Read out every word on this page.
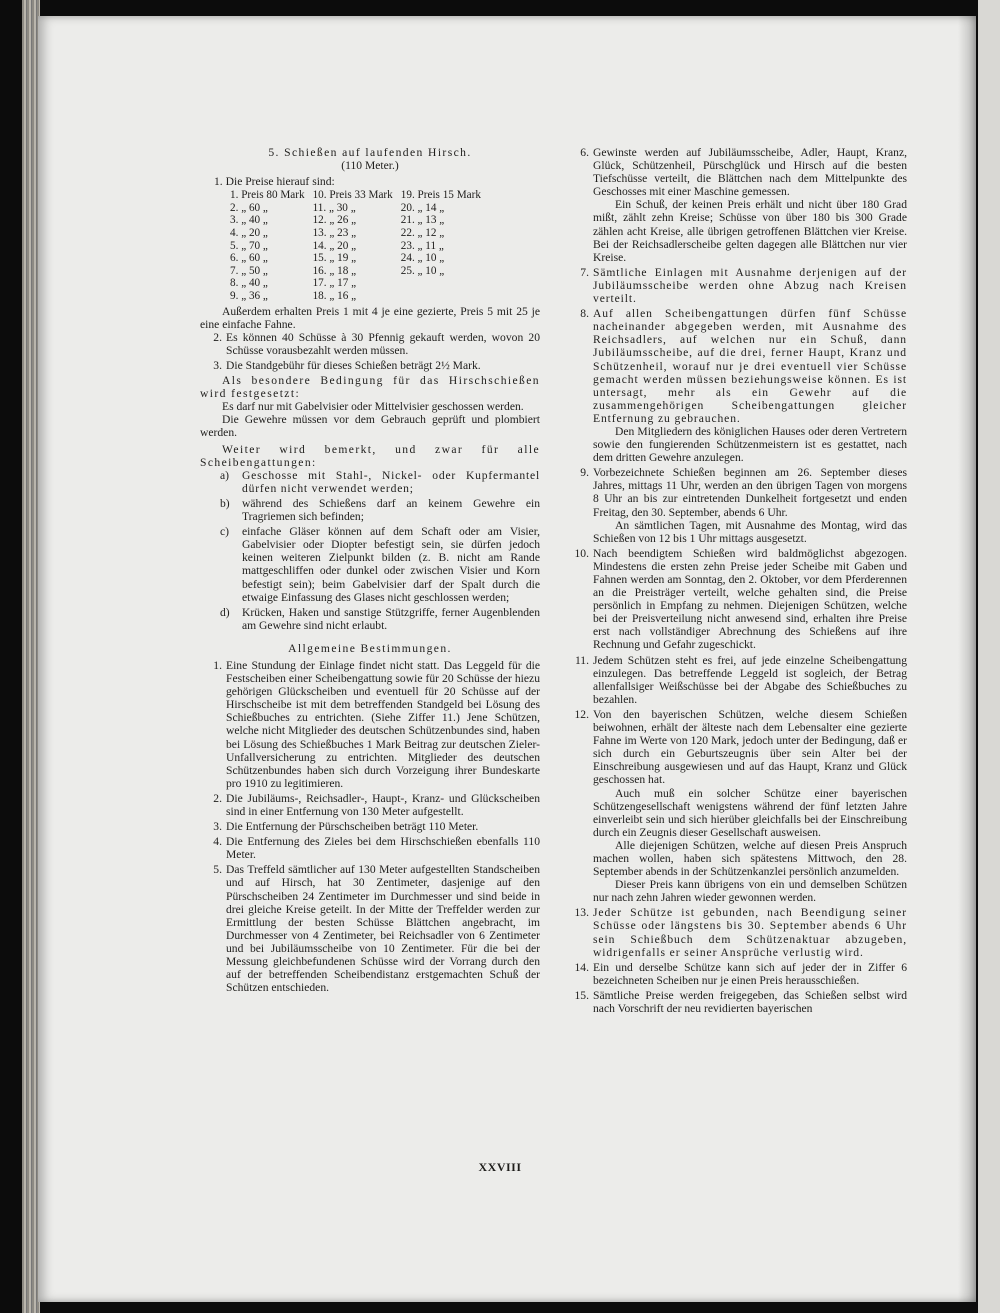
5. Schießen auf laufenden Hirsch.

(110 Meter.)

1. Die Preise hierauf sind:

1. Preis 80 Mark	10. Preis 33 Mark	19. Preis 15 Mark
2. „ 60 „	11. „ 30 „	20. „ 14 „
3. „ 40 „	12. „ 26 „	21. „ 13 „
4. „ 20 „	13. „ 23 „	22. „ 12 „
5. „ 70 „	14. „ 20 „	23. „ 11 „
6. „ 60 „	15. „ 19 „	24. „ 10 „
7. „ 50 „	16. „ 18 „	25. „ 10 „
8. „ 40 „	17. „ 17 „	
9. „ 36 „	18. „ 16 „	

Außerdem erhalten Preis 1 mit 4 je eine gezierte, Preis 5 mit 25 je eine einfache Fahne.

2. Es können 40 Schüsse à 30 Pfennig gekauft werden, wovon 20 Schüsse vorausbezahlt werden müssen.
3. Die Standgebühr für dieses Schießen beträgt 2½ Mark.

Als besondere Bedingung für das Hirschschießen wird festgesetzt:

Es darf nur mit Gabelvisier oder Mittelvisier geschossen werden.

Die Gewehre müssen vor dem Gebrauch geprüft und plombiert werden.

Weiter wird bemerkt, und zwar für alle Scheibengattungen:

a)	Geschosse mit Stahl-, Nickel- oder Kupfermantel dürfen nicht verwendet werden;
b)	während des Schießens darf an keinem Gewehre ein Tragriemen sich befinden;
c)	einfache Gläser können auf dem Schaft oder am Visier, Gabelvisier oder Diopter befestigt sein, sie dürfen jedoch keinen weiteren Zielpunkt bilden (z. B. nicht am Rande mattgeschliffen oder dunkel oder zwischen Visier und Korn befestigt sein); beim Gabelvisier darf der Spalt durch die etwaige Einfassung des Glases nicht geschlossen werden;
d)	Krücken, Haken und sanstige Stützgriffe, ferner Augenblenden am Gewehre sind nicht erlaubt.

Allgemeine Bestimmungen.

1. Eine Stundung der Einlage findet nicht statt. Das Leggeld für die Festscheiben einer Scheibengattung sowie für 20 Schüsse der hiezu gehörigen Glückscheiben und eventuell für 20 Schüsse auf der Hirschscheibe ist mit dem betreffenden Standgeld bei Lösung des Schießbuches zu entrichten. (Siehe Ziffer 11.) Jene Schützen, welche nicht Mitglieder des deutschen Schützenbundes sind, haben bei Lösung des Schießbuches 1 Mark Beitrag zur deutschen Zieler-Unfallversicherung zu entrichten. Mitglieder des deutschen Schützenbundes haben sich durch Vorzeigung ihrer Bundeskarte pro 1910 zu legitimieren.
2. Die Jubiläums-, Reichsadler-, Haupt-, Kranz- und Glückscheiben sind in einer Entfernung von 130 Meter aufgestellt.
3. Die Entfernung der Pürschscheiben beträgt 110 Meter.
4. Die Entfernung des Zieles bei dem Hirschschießen ebenfalls 110 Meter.
5. Das Treffeld sämtlicher auf 130 Meter aufgestellten Standscheiben und auf Hirsch, hat 30 Zentimeter, dasjenige auf den Pürschscheiben 24 Zentimeter im Durchmesser und sind beide in drei gleiche Kreise geteilt. In der Mitte der Treffelder werden zur Ermittlung der besten Schüsse Blättchen angebracht, im Durchmesser von 4 Zentimeter, bei Reichsadler von 6 Zentimeter und bei Jubiläumsscheibe von 10 Zentimeter. Für die bei der Messung gleichbefundenen Schüsse wird der Vorrang durch den auf der betreffenden Scheibendistanz erstgemachten Schuß der Schützen entschieden.
6. Gewinste werden auf Jubiläumsscheibe, Adler, Haupt, Kranz, Glück, Schützenheil, Pürschglück und Hirsch auf die besten Tiefschüsse verteilt, die Blättchen nach dem Mittelpunkte des Geschosses mit einer Maschine gemessen.
Ein Schuß, der keinen Preis erhält und nicht über 180 Grad mißt, zählt zehn Kreise; Schüsse von über 180 bis 300 Grade zählen acht Kreise, alle übrigen getroffenen Blättchen vier Kreise. Bei der Reichsadlerscheibe gelten dagegen alle Blättchen nur vier Kreise.
7. Sämtliche Einlagen mit Ausnahme derjenigen auf der Jubiläumsscheibe werden ohne Abzug nach Kreisen verteilt.
8. Auf allen Scheibengattungen dürfen fünf Schüsse nacheinander abgegeben werden, mit Ausnahme des Reichsadlers, auf welchen nur ein Schuß, dann Jubiläumsscheibe, auf die drei, ferner Haupt, Kranz und Schützenheil, worauf nur je drei eventuell vier Schüsse gemacht werden müssen beziehungsweise können. Es ist untersagt, mehr als ein Gewehr auf die zusammengehörigen Scheibengattungen gleicher Entfernung zu gebrauchen.
Den Mitgliedern des königlichen Hauses oder deren Vertretern sowie den fungierenden Schützenmeistern ist es gestattet, nach dem dritten Gewehre anzulegen.
9. Vorbezeichnete Schießen beginnen am 26. September dieses Jahres, mittags 11 Uhr, werden an den übrigen Tagen von morgens 8 Uhr an bis zur eintretenden Dunkelheit fortgesetzt und enden Freitag, den 30. September, abends 6 Uhr.
An sämtlichen Tagen, mit Ausnahme des Montag, wird das Schießen von 12 bis 1 Uhr mittags ausgesetzt.
10. Nach beendigtem Schießen wird baldmöglichst abgezogen. Mindestens die ersten zehn Preise jeder Scheibe mit Gaben und Fahnen werden am Sonntag, den 2. Oktober, vor dem Pferderennen an die Preisträger verteilt, welche gehalten sind, die Preise persönlich in Empfang zu nehmen. Diejenigen Schützen, welche bei der Preisverteilung nicht anwesend sind, erhalten ihre Preise erst nach vollständiger Abrechnung des Schießens auf ihre Rechnung und Gefahr zugeschickt.
11. Jedem Schützen steht es frei, auf jede einzelne Scheibengattung einzulegen. Das betreffende Leggeld ist sogleich, der Betrag allenfallsiger Weißschüsse bei der Abgabe des Schießbuches zu bezahlen.
12. Von den bayerischen Schützen, welche diesem Schießen beiwohnen, erhält der älteste nach dem Lebensalter eine gezierte Fahne im Werte von 120 Mark, jedoch unter der Bedingung, daß er sich durch ein Geburtszeugnis über sein Alter bei der Einschreibung ausgewiesen und auf das Haupt, Kranz und Glück geschossen hat.
Auch muß ein solcher Schütze einer bayerischen Schützengesellschaft wenigstens während der fünf letzten Jahre einverleibt sein und sich hierüber gleichfalls bei der Einschreibung durch ein Zeugnis dieser Gesellschaft ausweisen.
Alle diejenigen Schützen, welche auf diesen Preis Anspruch machen wollen, haben sich spätestens Mittwoch, den 28. September abends in der Schützenkanzlei persönlich anzumelden.
Dieser Preis kann übrigens von ein und demselben Schützen nur nach zehn Jahren wieder gewonnen werden.
13. Jeder Schütze ist gebunden, nach Beendigung seiner Schüsse oder längstens bis 30. September abends 6 Uhr sein Schießbuch dem Schützenaktuar abzugeben, widrigenfalls er seiner Ansprüche verlustig wird.
14. Ein und derselbe Schütze kann sich auf jeder der in Ziffer 6 bezeichneten Scheiben nur je einen Preis herausschießen.
15. Sämtliche Preise werden freigegeben, das Schießen selbst wird nach Vorschrift der neu revidierten bayerischen
XXVIII
